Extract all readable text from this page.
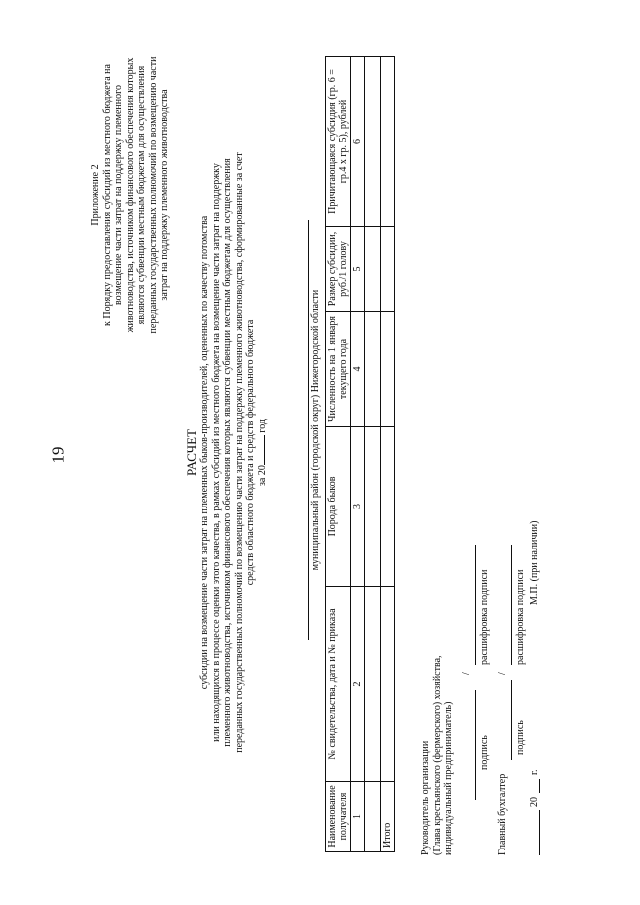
19
Приложение 2 к Порядку предоставления субсидий из местного бюджета на возмещение части затрат на поддержку племенного животноводства, источником финансового обеспечения которых являются субвенции местным бюджетам для осуществления переданных государственных полномочий по возмещению части затрат на поддержку племенного животноводства
РАСЧЕТ субсидии на возмещение части затрат на племенных быков-производителей, оцененных по качеству потомства или находящихся в процессе оценки этого качества, в рамках субсидий из местного бюджета на возмещение части затрат на поддержку племенного животноводства, источником финансового обеспечения которых являются субвенции местным бюджетам для осуществления переданных государственных полномочий по возмещению части затрат на поддержку племенного животноводства, сформированные за счет средств областного бюджета и средств федерального бюджета за 20 год	муниципальный район (городской округ) Нижегородской области
Наименование получателя	№ свидетельства, дата и № приказа	Порода быков	Численность на 1 января текущего года	Размер субсидии, руб./1 голову	Причитающаяся субсидия (гр. 6 = гр.4 х гр. 5), рублей
1	2	3	4	5	6

Итого						Руководитель организации (Глава крестьянского (фермерского) хозяйства, индивидуальный предприниматель)
/
подпись
расшифровка подписи
Главный бухгалтер
/
подпись
расшифровка подписи
20
г.
М.П. (при наличии)
